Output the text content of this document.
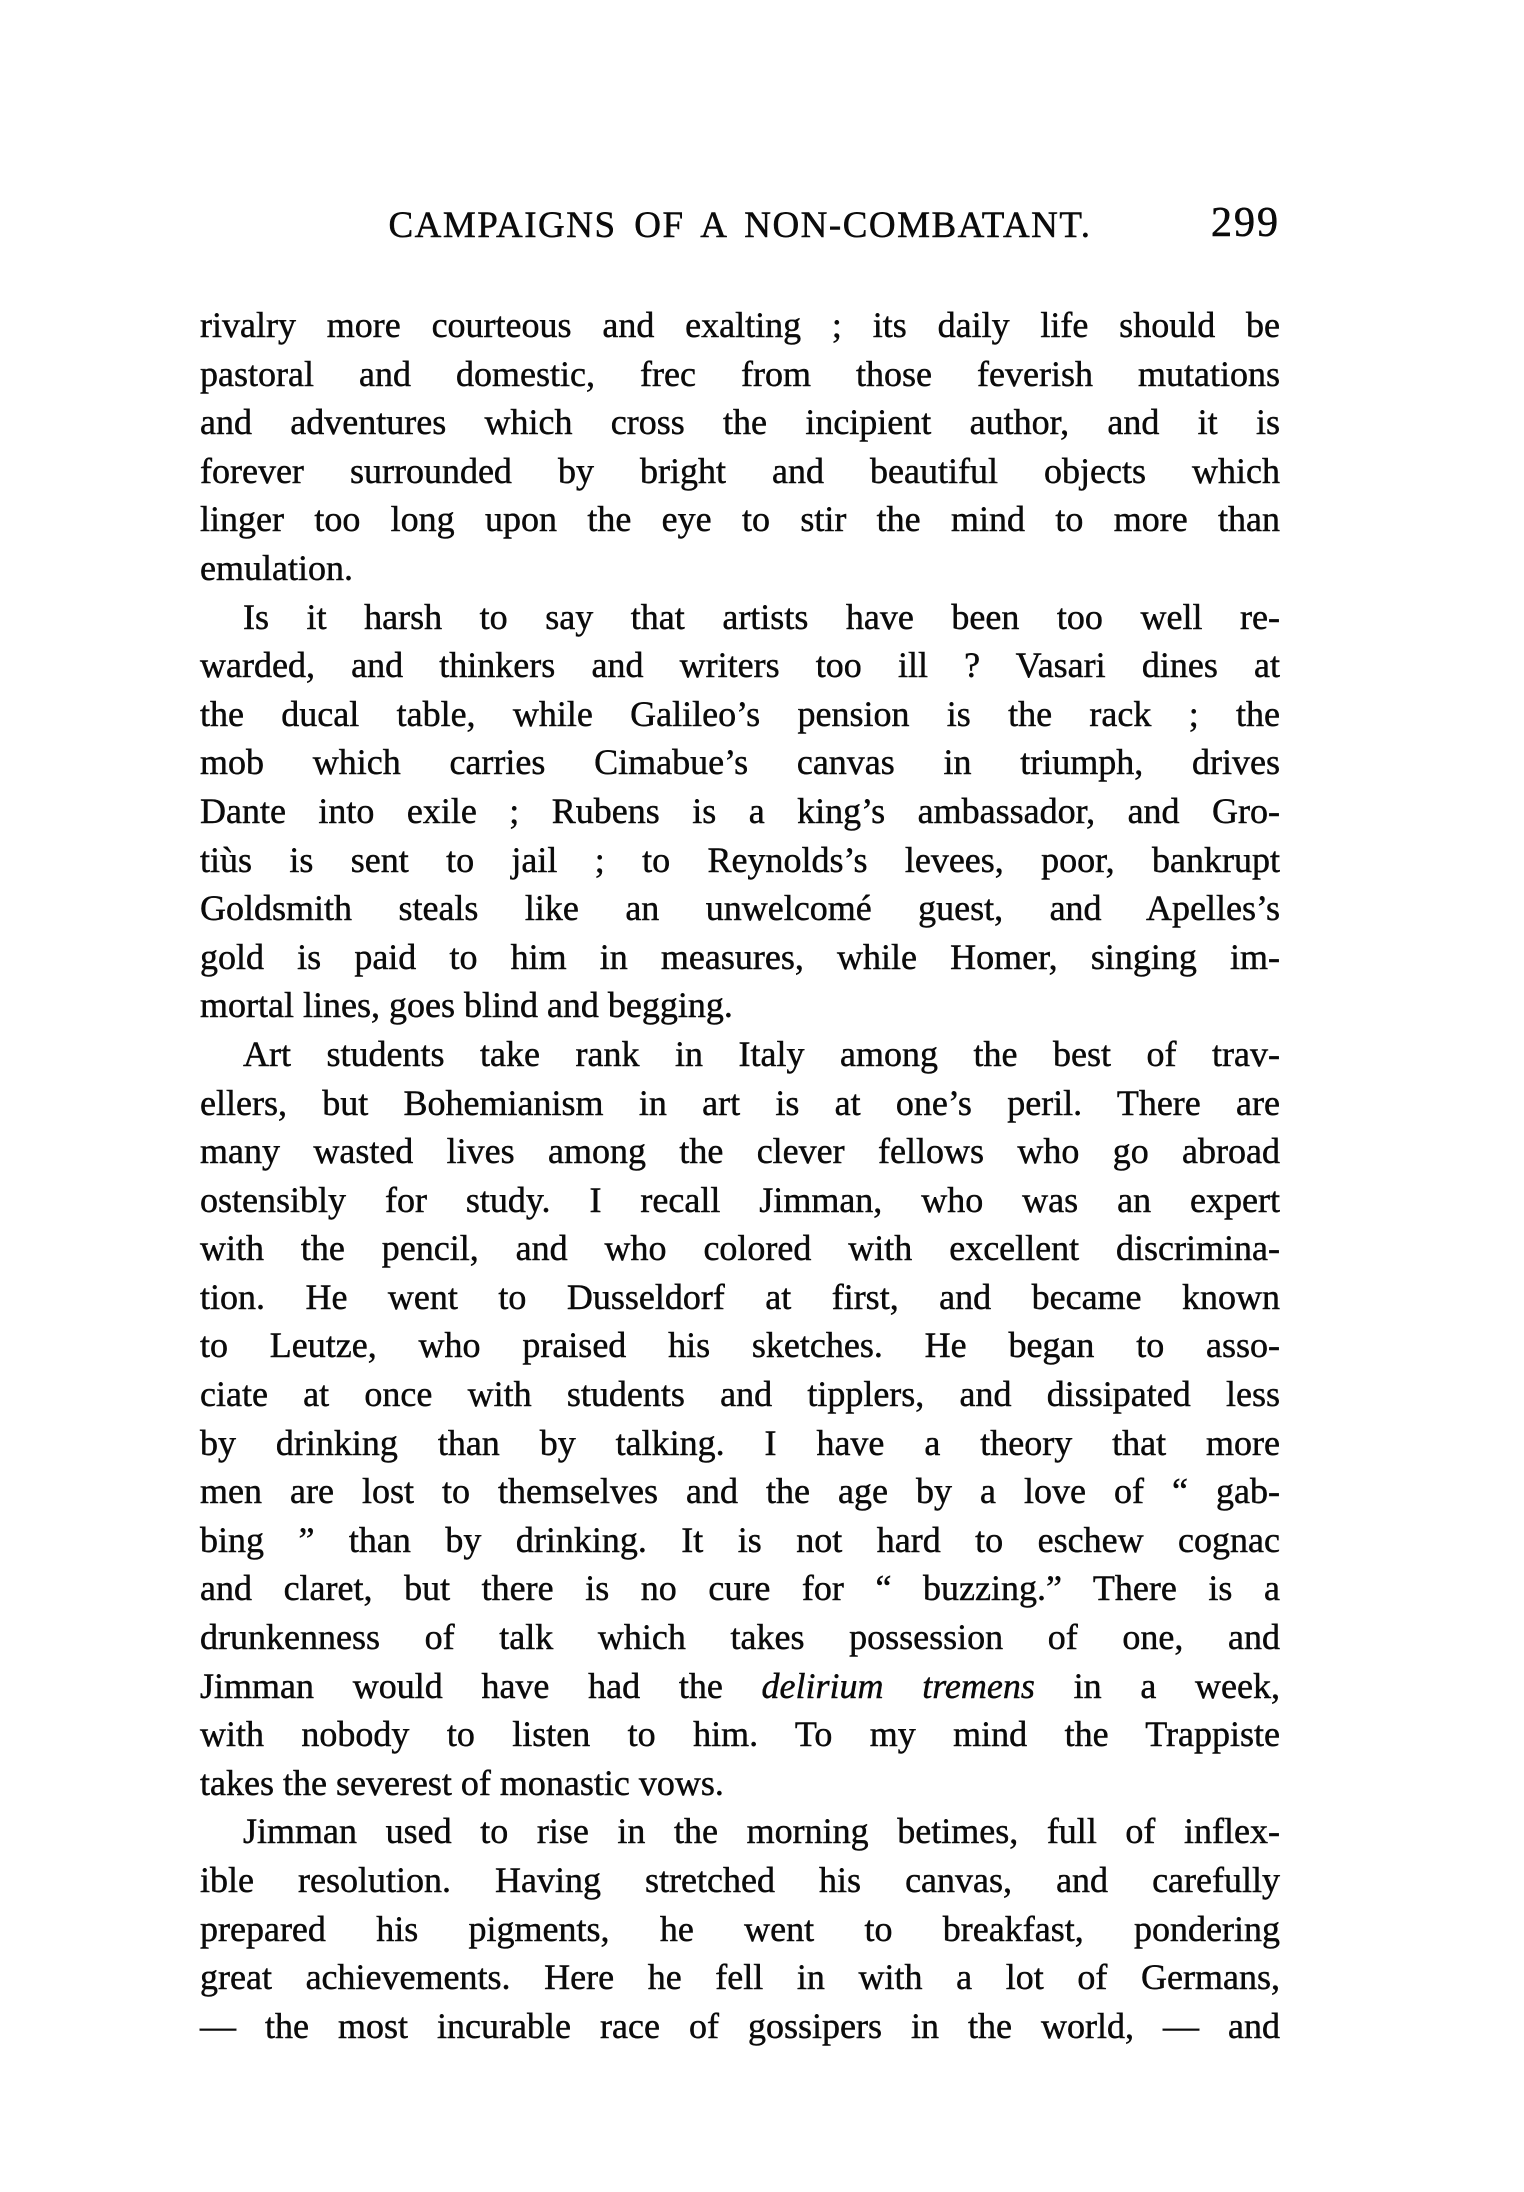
CAMPAIGNS OF A NON-COMBATANT.	299
rivalry more courteous and exalting ; its daily life should be
pastoral and domestic, frec from those feverish mutations
and adventures which cross the incipient author, and it is
forever surrounded by bright and beautiful objects which
linger too long upon the eye to stir the mind to more than
emulation.
Is it harsh to say that artists have been too well re-
warded, and thinkers and writers too ill ? Vasari dines at
the ducal table, while Galileo’s pension is the rack ; the
mob which carries Cimabue’s canvas in triumph, drives
Dante into exile ; Rubens is a king’s ambassador, and Gro-
tiùs is sent to jail ; to Reynolds’s levees, poor, bankrupt
Goldsmith steals like an unwelcomé guest, and Apelles’s
gold is paid to him in measures, while Homer, singing im-
mortal lines, goes blind and begging.
Art students take rank in Italy among the best of trav-
ellers, but Bohemianism in art is at one’s peril. There are
many wasted lives among the clever fellows who go abroad
ostensibly for study. I recall Jimman, who was an expert
with the pencil, and who colored with excellent discrimina-
tion. He went to Dusseldorf at first, and became known
to Leutze, who praised his sketches. He began to asso-
ciate at once with students and tipplers, and dissipated less
by drinking than by talking. I have a theory that more
men are lost to themselves and the age by a love of “ gab-
bing ” than by drinking. It is not hard to eschew cognac
and claret, but there is no cure for “ buzzing.” There is a
drunkenness of talk which takes possession of one, and
Jimman would have had the delirium tremens in a week,
with nobody to listen to him. To my mind the Trappiste
takes the severest of monastic vows.
Jimman used to rise in the morning betimes, full of inflex-
ible resolution. Having stretched his canvas, and carefully
prepared his pigments, he went to breakfast, pondering
great achievements. Here he fell in with a lot of Germans,
— the most incurable race of gossipers in the world, — and
